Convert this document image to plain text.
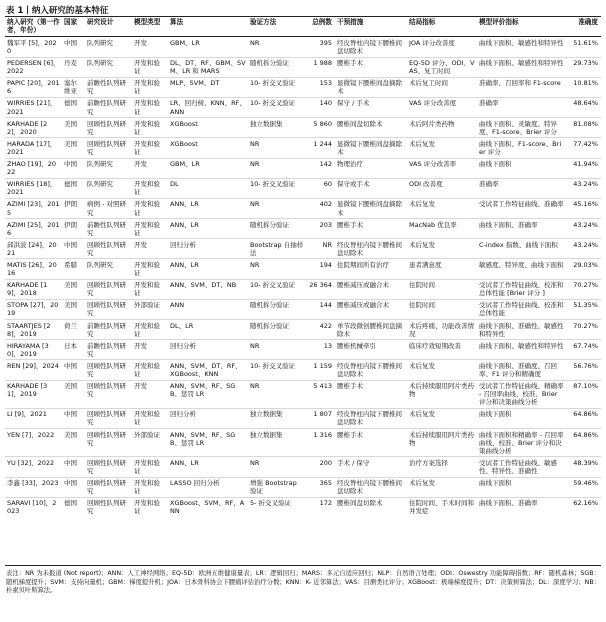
表 1丨纳入研究的基本特征
纳入研究（第一作者，年份）	国家	研究设计	模型类型	算法	验证方法	总例数	干预措施	结局指标	模型评价指标	准确度
魏军平 [5]，2020	中国	队列研究	开发	GBM、LR	NR	395	经皮脊柱内镜下腰椎间盘切除术	JOA 评分改善度	曲线下面积、敏感性和特异性	51.61%
PEDERSEN [6]，2022	丹麦	队列研究	开发和验证	DL、DT、RF、GBM、SVM、LR 和 MARS	随机拆分验证	1 988	腰椎手术	EQ-5D 评分、ODI、VAS、复工时间	曲线下面积、敏感性和特异性	29.73%
PAPIC [20]，2016	塞尔维亚	前瞻性队列研究	开发和验证	MLP、SVM、DT	10- 折交叉验证	153	显微镜下腰椎间盘摘除术	术后复工时间	准确率、召回率和 F1-score	10.81%
WIRRIES [21]，2021	德国	前瞻性队列研究	开发和验证	LR、回归树、KNN、RF、ANN	10- 折交叉验证	140	保守 / 手术	VAS 评分改善度	准确率	48.64%
KARHADE [22]，2020	美国	回顾性队列研究	开发和验证	XGBoost	独立数据集	5 860	腰椎间盘切除术	术后阿片类药物	曲线下面积、灵敏度、特异度、F1-score、Brier 评分	81.08%
HARADA [17]，2021	美国	回顾性队列研究	开发和验证	XGBoost	NR	1 244	显微镜下腰椎间盘摘除术	术后复发	曲线下面积、F1-score、Brier 评分	77.42%
ZHAO [19]，2022	中国	队列研究	开发	GBM、LR	NR	142	物理治疗	VAS 评分改善率	曲线下面积	41.94%
WIRRIES [18]，2021	德国	队列研究	开发和验证	DL	10- 折交叉验证	60	保守或手术	ODI 改善度	准确率	43.24%
AZIMI [23]，2015	伊朗	病例 - 对照研究	开发和验证	ANN、LR	NR	402	显微镜下腰椎间盘摘除术	术后复发	受试者工作特征曲线、准确率	45.16%
AZIMI [25]，2016	伊朗	前瞻性队列研究	开发和验证	ANN、LR	随机拆分验证	203	腰椎手术	MacNab 优良率	曲线下面积、准确率	43.24%
邱洪波 [24]，2021	中国	回顾性队列研究	开发	回归分析	Bootstrap 自抽样法	NR	经皮脊柱内镜下腰椎间盘切除术	术后复发	C-index 指数、曲线下面积	43.24%
MATIS [26]，2016	希腊	队列研究	开发和验证	ANN、LR	NR	194	住院期间所有治疗	患者满意度	敏感度、特异度、曲线下面积	29.03%
KARHADE [19]，2018	美国	回顾性队列研究	开发和验证	ANN、SVM、DT、NB	10- 折交叉验证	26 364	腰椎减压或融合术	住院时间	受试者工作特征曲线、校准和总体性能 [Brier 评分 ]	70.27%
STOPA [27]，2019	美国	回顾性队列研究	外部验证	ANN	随机拆分验证	144	腰椎减压或融合术	住院时间	受试者工作特征曲线、校准和总体性能	51.35%
STAARTJES [28]，2019	荷兰	前瞻性队列研究	开发和验证	DL、LR	随机拆分验证	422	单节段微创腰椎间盘摘除术	术后疼痛、功能改善情况	曲线下面积、准确性、敏感性和特异性	70.27%
HIRAYAMA [30]，2019	日本	前瞻性队列研究	开发	回归分析	NR	13	腰椎机械牵引	临床疗效短期改善	曲线下面积、敏感性和特异性	67.74%
REN [29]，2024	中国	回顾性队列研究	开发和验证	ANN、SVM、DT、RF、XGBoost、KNN	10- 折交叉验证	1 159	经皮脊柱内镜下腰椎间盘切除术	术后复发	曲线下面积、准确度、召回率、F1 评分和精确度	56.76%
KARHADE [31]，2019	美国	回顾性队列研究	开发	ANN、SVM、RF、SGB、惩罚 LR	NR	5 413	腰椎手术	术后持续服用阿片类药物	受试者工作特征曲线、精确率 - 召回率曲线、校准、Brier 评分和决策曲线分析	87.10%
LI [9]，2021	中国	回顾性队列研究	开发和验证	回归分析	独立数据集	1 807	经皮脊柱内镜下腰椎间盘切除术	术后复发	曲线下面积	64.86%
YEN [7]，2022	美国	回顾性队列研究	外部验证	ANN、SVM、RF、SGB、惩罚 LR	独立数据集	1 316	腰椎手术	术后持续服用阿片类药物	曲线下面积和精确率 - 召回率曲线、校准、Brier 评分和决策曲线分析	64.86%
YU [32]，2022	中国	回顾性队列研究	开发和验证	ANN、LR	NR	200	手术 / 保守	治疗方案选择	受试者工作特征曲线、敏感性、特异性、准确性	48.39%
李鑫 [33]，2023	中国	回顾性队列研究	开发和验证	LASSO 回归分析	增强 Bootstrap 验证	365	经皮脊柱内镜下腰椎间盘切除术	术后复发	曲线下面积	59.46%
SARAVI [10]，2023	德国	回顾性队列研究	开发和验证	XGBoost、SVM、RF、ANN	5- 折交叉验证	172	腰椎间盘切除术	住院时间、手术时间和并发症	曲线下面积、准确率	62.16%
表注：NR 为未报道 (Not report)；ANN：人工神经网络；EQ-5D：欧洲五维健康量表；LR：逻辑回归；MARS：多元自适应回归；NLP：自然语言处理；ODI：Oswestry 功能障碍指数；RF：随机森林；SGB：随机梯度提升；SVM：支持向量机；GBM：梯度提升机；JOA：日本骨科协会下腰痛评估治疗分数；KNN：K- 近邻算法；VAS：目测类比评分；XGBoost：极端梯度提升；DT：决策树算法；DL：深度学习；NB：朴素贝叶斯算法。
